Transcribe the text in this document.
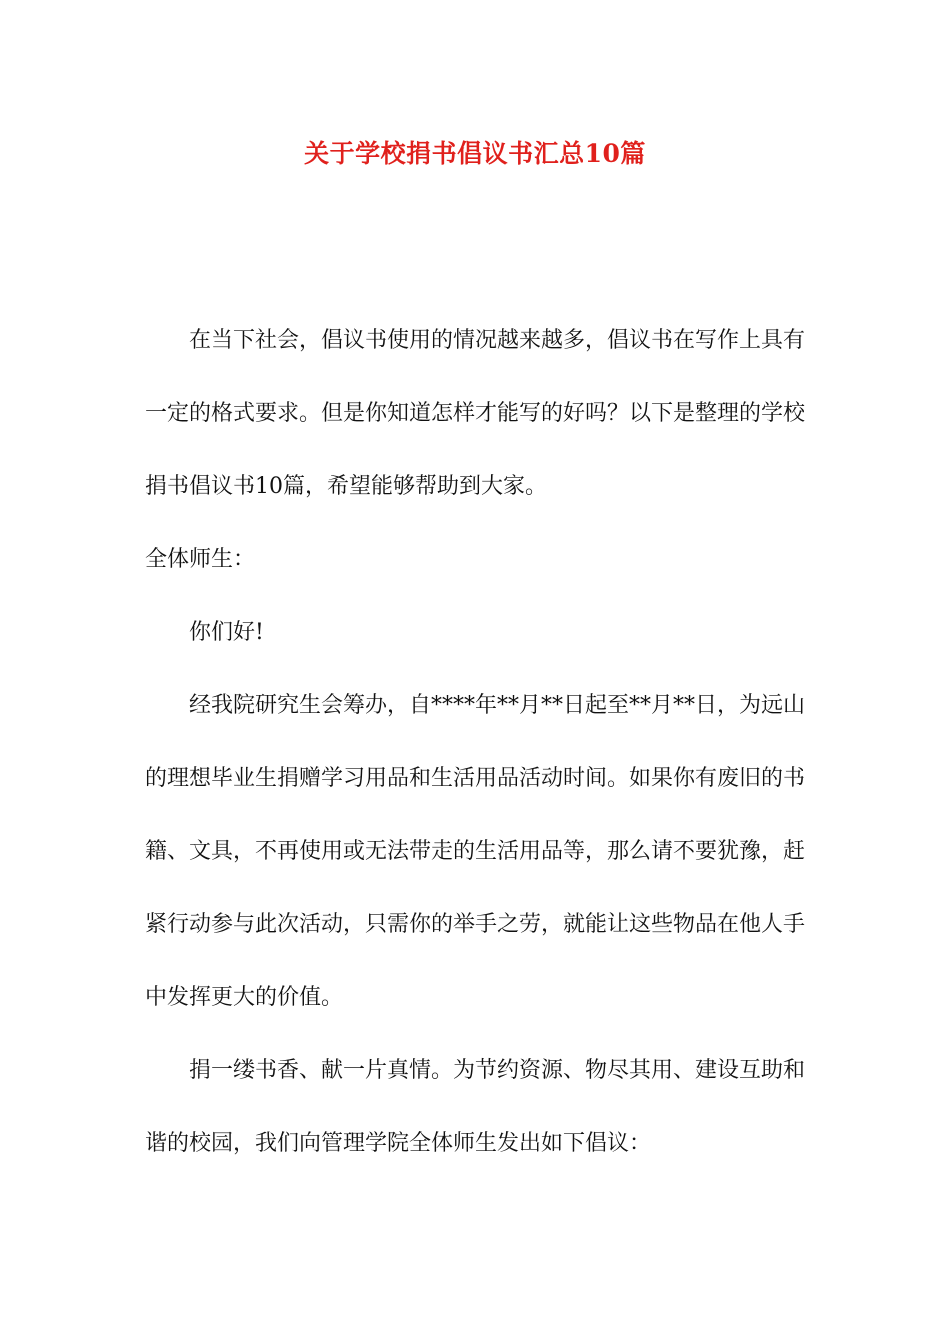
关于学校捐书倡议书汇总10篇

在当下社会，倡议书使用的情况越来越多，倡议书在写作上具有一定的格式要求。但是你知道怎样才能写的好吗？以下是整理的学校捐书倡议书10篇，希望能够帮助到大家。

全体师生：

你们好!

经我院研究生会筹办，自****年**月**日起至**月**日，为远山的理想毕业生捐赠学习用品和生活用品活动时间。如果你有废旧的书籍、文具，不再使用或无法带走的生活用品等，那么请不要犹豫，赶紧行动参与此次活动，只需你的举手之劳，就能让这些物品在他人手中发挥更大的价值。

捐一缕书香、献一片真情。为节约资源、物尽其用、建设互助和谐的校园，我们向管理学院全体师生发出如下倡议：
